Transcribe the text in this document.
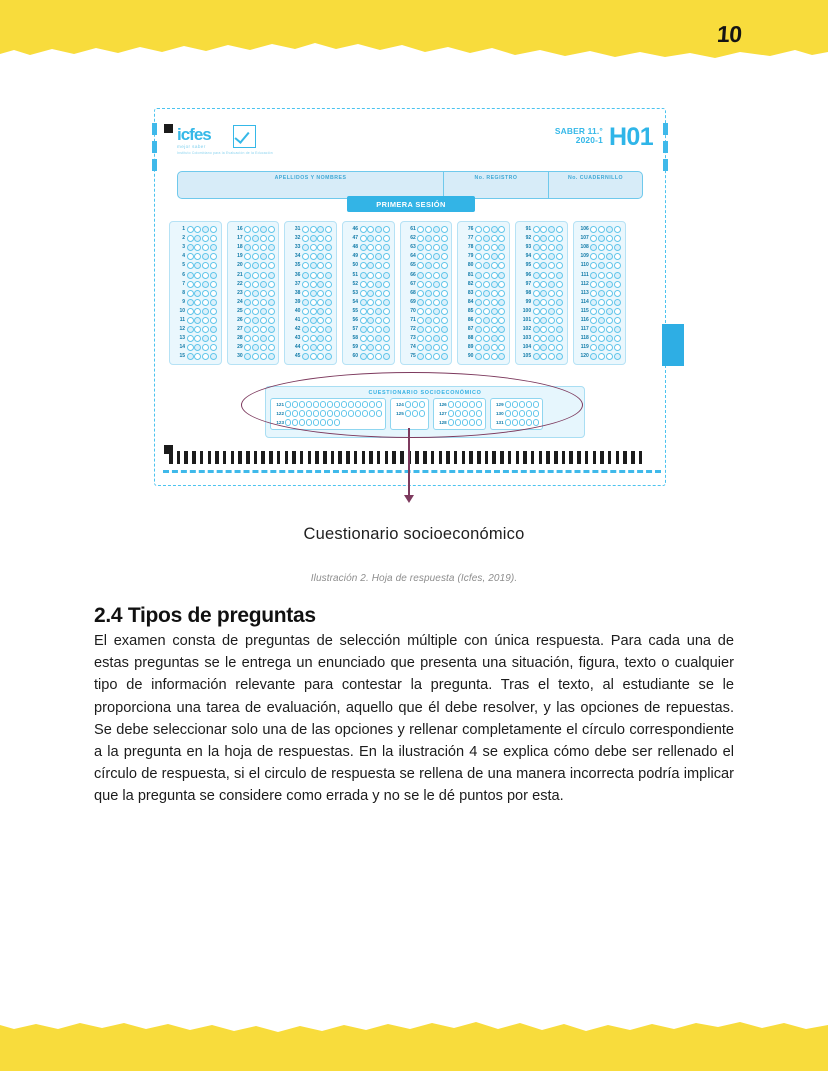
10
icfes
mejor saber
Instituto Colombiano para la Evaluación de la Educación
SABER 11.°
2020-1 H01
APELLIDOS Y NOMBRES	No. REGISTRO	No. CUADERNILLO
PRIMERA SESIÓN
1
2
3
4
5
6
7
8
9
10
11
12
13
14
15
16
17
18
19
20
21
22
23
24
25
26
27
28
29
30
31
32
33
34
35
36
37
38
39
40
41
42
43
44
45
46
47
48
49
50
51
52
53
54
55
56
57
58
59
60
61
62
63
64
65
66
67
68
69
70
71
72
73
74
75
76
77
78
79
80
81
82
83
84
85
86
87
88
89
90
91
92
93
94
95
96
97
98
99
100
101
102
103
104
105
106
107
108
109
110
111
112
113
114
115
116
117
118
119
120
CUESTIONARIO SOCIOECONÓMICO
121
122
123
124
125
126
127
128
129
130
131
Cuestionario socioeconómico
Ilustración 2. Hoja de respuesta (Icfes, 2019).
2.4 Tipos de preguntas

El examen consta de preguntas de selección múltiple con única respuesta. Para cada una de estas preguntas se le entrega un enunciado que presenta una situación, figura, texto o cualquier tipo de información relevante para contestar la pregunta. Tras el texto, al estudiante se le proporciona una tarea de evaluación, aquello que él debe resolver, y las opciones de repuestas. Se debe seleccionar solo una de las opciones y rellenar completamente el círculo correspondiente a la pregunta en la hoja de respuestas. En la ilustración 4 se explica cómo debe ser rellenado el círculo de respuesta, si el circulo de respuesta se rellena de una manera incorrecta podría implicar que la pregunta se considere como errada y no se le dé puntos por esta.
